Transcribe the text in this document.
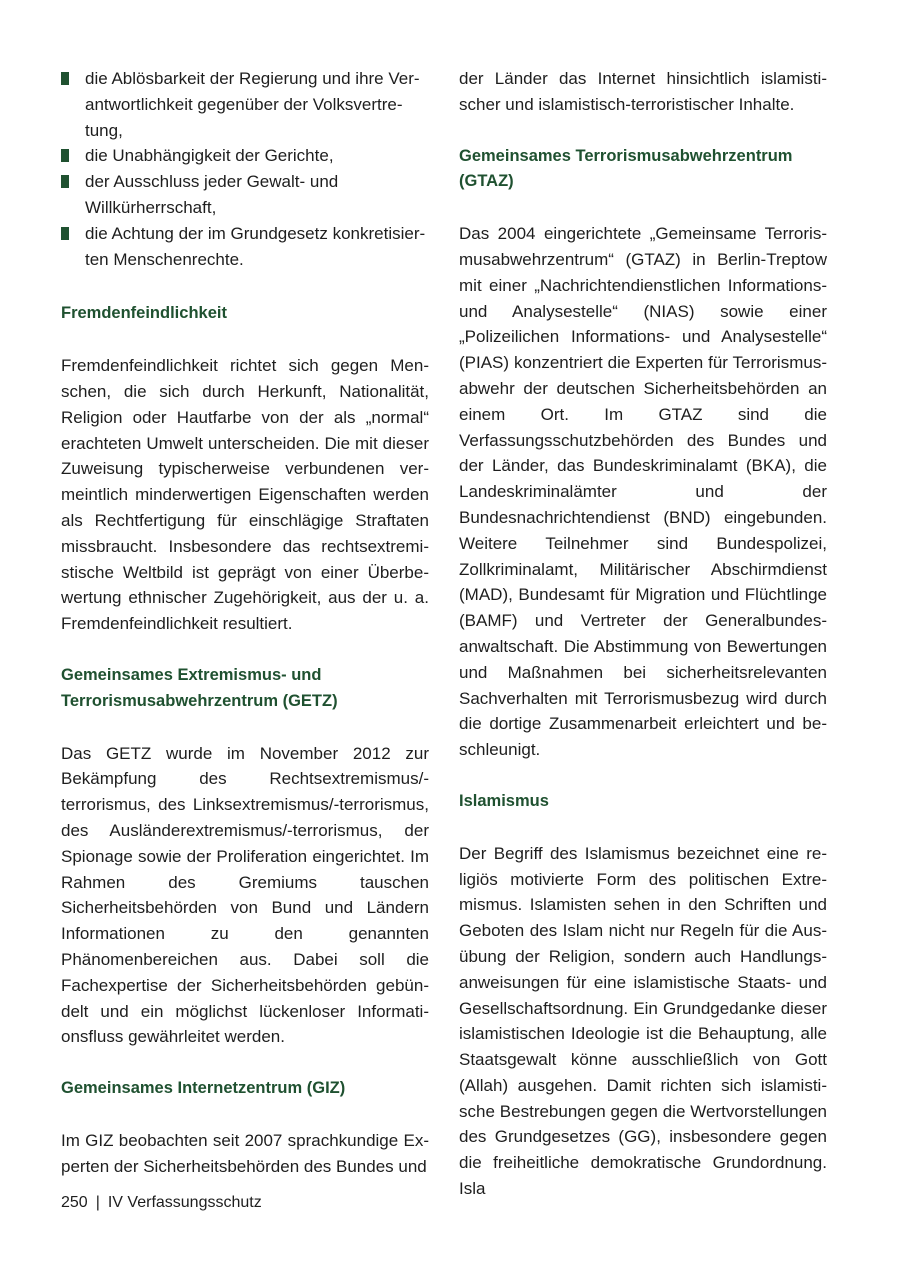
die Ablösbarkeit der Regierung und ihre Verantwortlichkeit gegenüber der Volksvertretung,
die Unabhängigkeit der Gerichte,
der Ausschluss jeder Gewalt- und Willkürherrschaft,
die Achtung der im Grundgesetz konkretisierten Menschenrechte.
Fremdenfeindlichkeit

Fremdenfeindlichkeit richtet sich gegen Menschen, die sich durch Herkunft, Nationalität, Religion oder Hautfarbe von der als „normal“ erachteten Umwelt unterscheiden. Die mit dieser Zuweisung typischerweise verbundenen vermeintlich minderwertigen Eigenschaften werden als Rechtfertigung für einschlägige Straftaten missbraucht. Insbesondere das rechtsextremistische Weltbild ist geprägt von einer Überbewertung ethnischer Zugehörigkeit, aus der u. a. Fremdenfeindlichkeit resultiert.

Gemeinsames Extremismus- und Terrorismusabwehrzentrum (GETZ)

Das GETZ wurde im November 2012 zur Bekämpfung des Rechtsextremismus/-terrorismus, des Linksextremismus/-terrorismus, des Ausländerextremismus/-terrorismus, der Spionage sowie der Proliferation eingerichtet. Im Rahmen des Gremiums tauschen Sicherheitsbehörden von Bund und Ländern Informationen zu den genannten Phänomenbereichen aus. Dabei soll die Fachexpertise der Sicherheitsbehörden gebündelt und ein möglichst lückenloser Informationsfluss gewährleitet werden.

Gemeinsames Internetzentrum (GIZ)

Im GIZ beobachten seit 2007 sprachkundige Experten der Sicherheitsbehörden des Bundes und

der Länder das Internet hinsichtlich islamistischer und islamistisch-terroristischer Inhalte.

Gemeinsames Terrorismusabwehrzentrum (GTAZ)

Das 2004 eingerichtete „Gemeinsame Terrorismusabwehrzentrum“ (GTAZ) in Berlin-Treptow mit einer „Nachrichtendienstlichen Informations- und Analysestelle“ (NIAS) sowie einer „Polizeilichen Informations- und Analysestelle“ (PIAS) konzentriert die Experten für Terrorismusabwehr der deutschen Sicherheitsbehörden an einem Ort. Im GTAZ sind die Verfassungsschutzbehörden des Bundes und der Länder, das Bundeskriminalamt (BKA), die Landeskriminalämter und der Bundesnachrichtendienst (BND) eingebunden. Weitere Teilnehmer sind Bundespolizei, Zollkriminalamt, Militärischer Abschirmdienst (MAD), Bundesamt für Migration und Flüchtlinge (BAMF) und Vertreter der Generalbundesanwaltschaft. Die Abstimmung von Bewertungen und Maßnahmen bei sicherheitsrelevanten Sachverhalten mit Terrorismusbezug wird durch die dortige Zusammenarbeit erleichtert und beschleunigt.

Islamismus

Der Begriff des Islamismus bezeichnet eine religiös motivierte Form des politischen Extremismus. Islamisten sehen in den Schriften und Geboten des Islam nicht nur Regeln für die Ausübung der Religion, sondern auch Handlungsanweisungen für eine islamistische Staats- und Gesellschaftsordnung. Ein Grundgedanke dieser islamistischen Ideologie ist die Behauptung, alle Staatsgewalt könne ausschließlich von Gott (Allah) ausgehen. Damit richten sich islamistische Bestrebungen gegen die Wertvorstellungen des Grundgesetzes (GG), insbesondere gegen die freiheitliche demokratische Grundordnung. Isla

250 | IV Verfassungsschutz
